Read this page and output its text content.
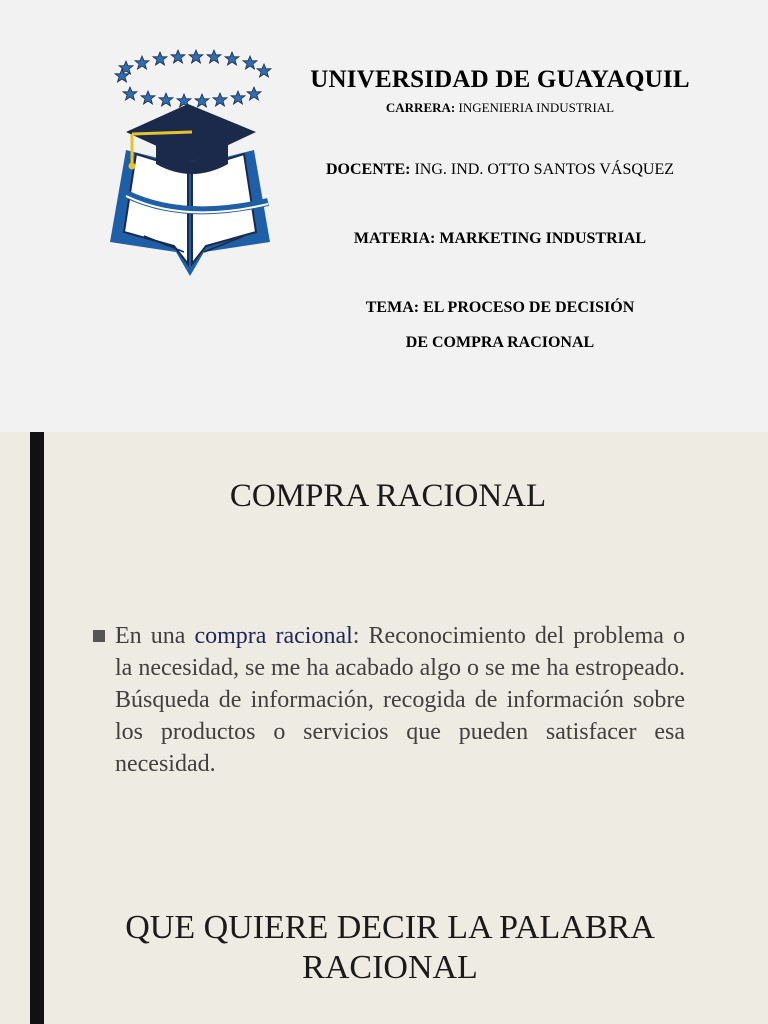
UNIVERSIDAD DE GUAYAQUIL
CARRERA: INGENIERIA INDUSTRIAL
DOCENTE: ING. IND. OTTO SANTOS VÁSQUEZ
MATERIA: MARKETING INDUSTRIAL
TEMA: EL PROCESO DE DECISIÓN
DE COMPRA RACIONAL
COMPRA RACIONAL
En una compra racional: Reconocimiento del problema o la necesidad, se me ha acabado algo o se me ha estropeado. Búsqueda de información, recogida de información sobre los productos o servicios que pueden satisfacer esa necesidad.
QUE QUIERE DECIR LA PALABRA
RACIONAL
